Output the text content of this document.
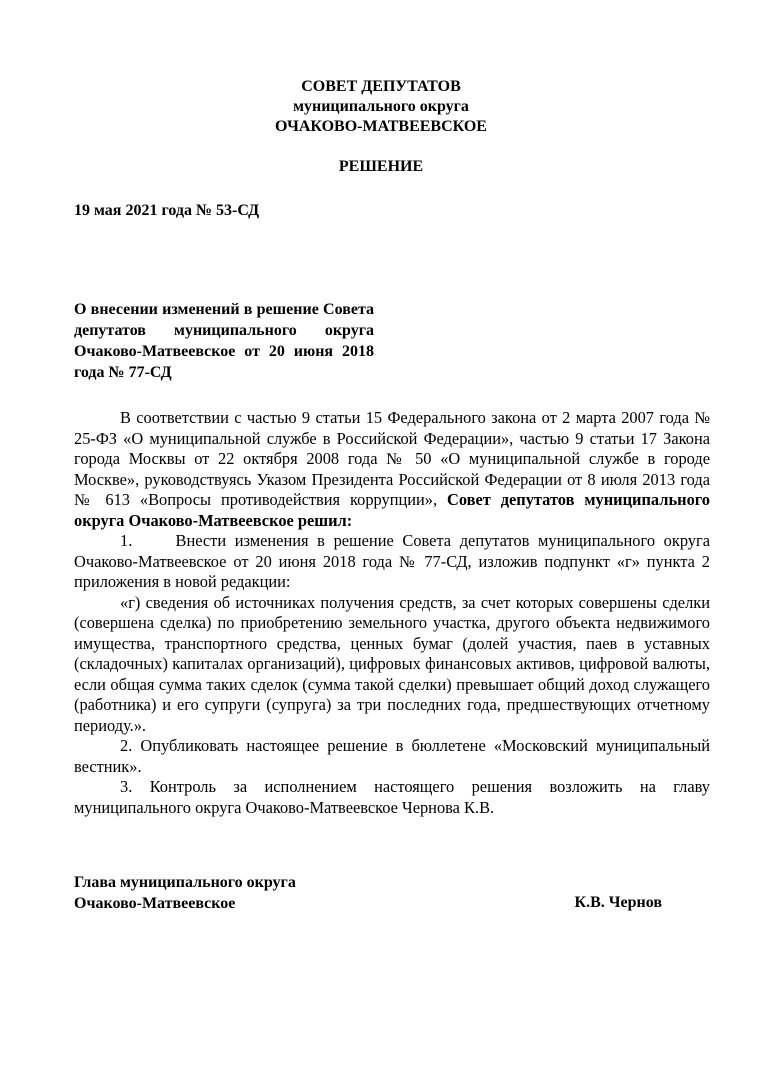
СОВЕТ ДЕПУТАТОВ
муниципального округа
ОЧАКОВО-МАТВЕЕВСКОЕ
РЕШЕНИЕ
19 мая 2021 года № 53-СД
О внесении изменений в решение Совета депутатов муниципального округа Очаково-Матвеевское от 20 июня 2018 года № 77-СД

В соответствии с частью 9 статьи 15 Федерального закона от 2 марта 2007 года № 25-ФЗ «О муниципальной службе в Российской Федерации», частью 9 статьи 17 Закона города Москвы от 22 октября 2008 года № 50 «О муниципальной службе в городе Москве», руководствуясь Указом Президента Российской Федерации от 8 июля 2013 года № 613 «Вопросы противодействия коррупции», Совет депутатов муниципального округа Очаково-Матвеевское решил:

1.     Внести изменения в решение Совета депутатов муниципального округа Очаково-Матвеевское от 20 июня 2018 года № 77-СД, изложив подпункт «г» пункта 2 приложения в новой редакции:

«г) сведения об источниках получения средств, за счет которых совершены сделки (совершена сделка) по приобретению земельного участка, другого объекта недвижимого имущества, транспортного средства, ценных бумаг (долей участия, паев в уставных (складочных) капиталах организаций), цифровых финансовых активов, цифровой валюты, если общая сумма таких сделок (сумма такой сделки) превышает общий доход служащего (работника) и его супруги (супруга) за три последних года, предшествующих отчетному периоду.».

2. Опубликовать настоящее решение в бюллетене «Московский муниципальный вестник».

3. Контроль за исполнением настоящего решения возложить на главу муниципального округа Очаково-Матвеевское Чернова К.В.

Глава муниципального округа
Очаково-Матвеевское	К.В. Чернов
